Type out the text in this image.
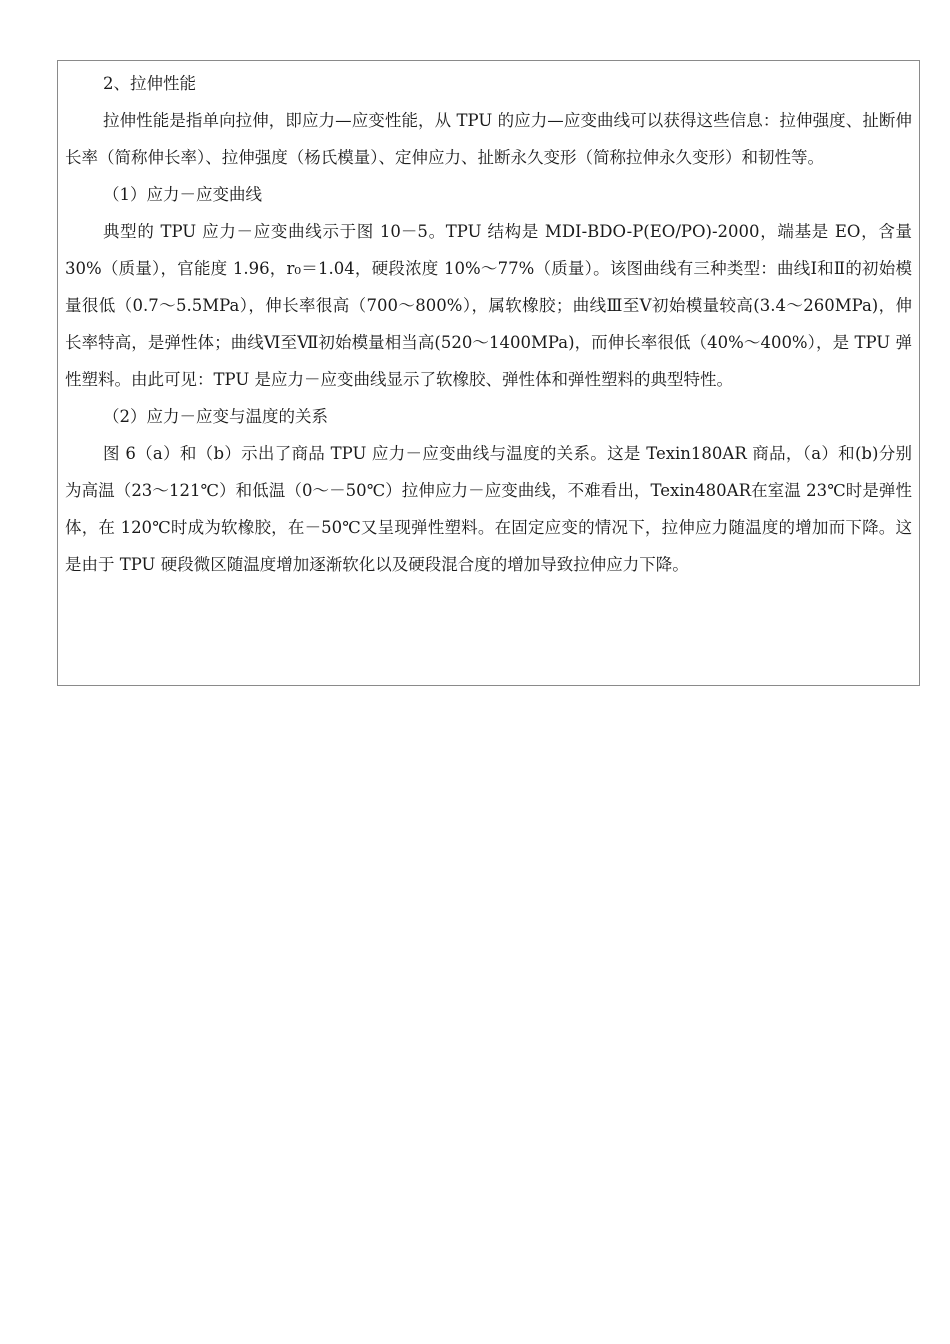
2、拉伸性能

拉伸性能是指单向拉伸，即应力—应变性能，从 TPU 的应力—应变曲线可以获得这些信息：拉伸强度、扯断伸长率（简称伸长率）、拉伸强度（杨氏模量）、定伸应力、扯断永久变形（简称拉伸永久变形）和韧性等。

（1）应力－应变曲线

典型的 TPU 应力－应变曲线示于图 10－5。TPU 结构是 MDI-BDO-P(EO/PO)-2000，端基是 EO，含量 30%（质量），官能度 1.96，r₀＝1.04，硬段浓度 10%～77%（质量）。该图曲线有三种类型：曲线Ⅰ和Ⅱ的初始模量很低（0.7～5.5MPa），伸长率很高（700～800%），属软橡胶；曲线Ⅲ至Ⅴ初始模量较高(3.4～260MPa)，伸长率特高，是弹性体；曲线Ⅵ至Ⅶ初始模量相当高(520～1400MPa)，而伸长率很低（40%～400%），是 TPU 弹性塑料。由此可见：TPU 是应力－应变曲线显示了软橡胶、弹性体和弹性塑料的典型特性。

（2）应力－应变与温度的关系

图 6（a）和（b）示出了商品 TPU 应力－应变曲线与温度的关系。这是 Texin180AR 商品，（a）和(b)分别为高温（23～121℃）和低温（0～－50℃）拉伸应力－应变曲线，不难看出，Texin480AR在室温 23℃时是弹性体，在 120℃时成为软橡胶，在－50℃又呈现弹性塑料。在固定应变的情况下，拉伸应力随温度的增加而下降。这是由于 TPU 硬段微区随温度增加逐渐软化以及硬段混合度的增加导致拉伸应力下降。
